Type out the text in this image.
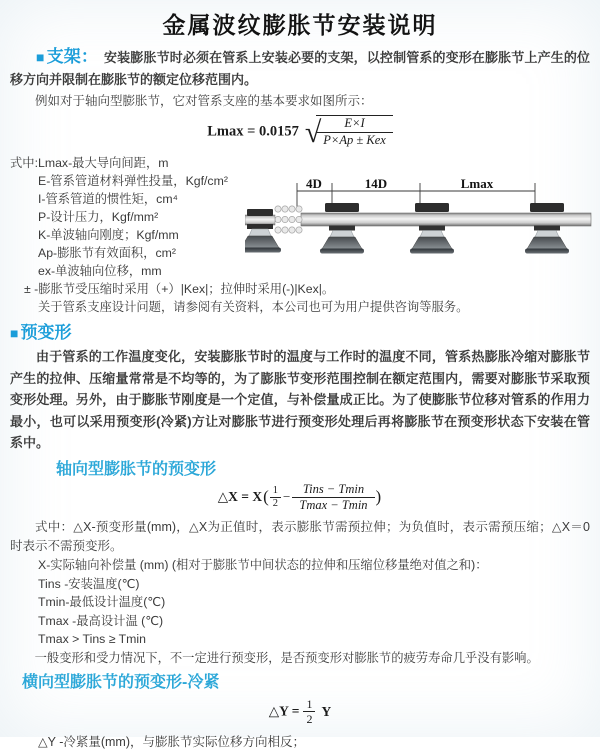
金属波纹膨胀节安装说明

■ 支架： 安装膨胀节时必须在管系上安装必要的支架，以控制管系的变形在膨胀节上产生的位移方向并限制在膨胀节的额定位移范围内。

例如对于轴向型膨胀节，它对管系支座的基本要求如图所示：

Lmax = 0.0157 √
$\frac{E\times I}{\text{P×Ap ± Kex}}$
式中:Lmax-最大导向间距，m
E-管系管道材料弹性投量，Kgf/cm²
I-管系管道的惯性矩，cm⁴
P-设计压力，Kgf/mm²
K-单波轴向刚度；Kgf/mm
Ap-膨胀节有效面积，cm²
ex-单波轴向位移，mm
± -膨胀节受压缩时采用（+）|Kex|；拉伸时采用(-)|Kex|。
关于管系支座设计问题，请参阅有关资料，本公司也可为用户提供咨询等服务。
4D	14D	Lmax
■ 预变形

由于管系的工作温度变化，安装膨胀节时的温度与工作时的温度不同，管系热膨胀冷缩对膨胀节产生的拉伸、压缩量常常是不均等的，为了膨胀节变形范围控制在额定范围内，需要对膨胀节采取预变形处理。另外，由于膨胀节刚度是一个定值，与补偿量成正比。为了使膨胀节位移对管系的作用力最小，也可以采用预变形(冷紧)方让对膨胀节进行预变形处理后再将膨胀节在预变形状态下安装在管系中。

轴向型膨胀节的预变形
△X = $X( \frac{1}{2} - \frac{\text{Tins − Tmin}}{Tmax - Tmin}$ )

式中：△X-预变形量(mm)，△X为正值时，表示膨胀节需预拉伸；为负值时，表示需预压缩；△X＝0时表示不需预变形。

X-实际轴向补偿量 (mm) (相对于膨胀节中间状态的拉伸和压缩位移量绝对值之和)：
Tins -安装温度(℃)
Tmin-最低设计温度(℃)
Tmax -最高设计温 (℃)
Tmax > Tins ≥ Tmin
一般变形和受力情况下，不一定进行预变形，是否预变形对膨胀节的疲劳寿命几乎没有影响。
横向型膨胀节的预变形-冷紧
△Y = $\frac{1}{2}$ Y
△Y -冷紧量(mm)，与膨胀节实际位移方向相反；
